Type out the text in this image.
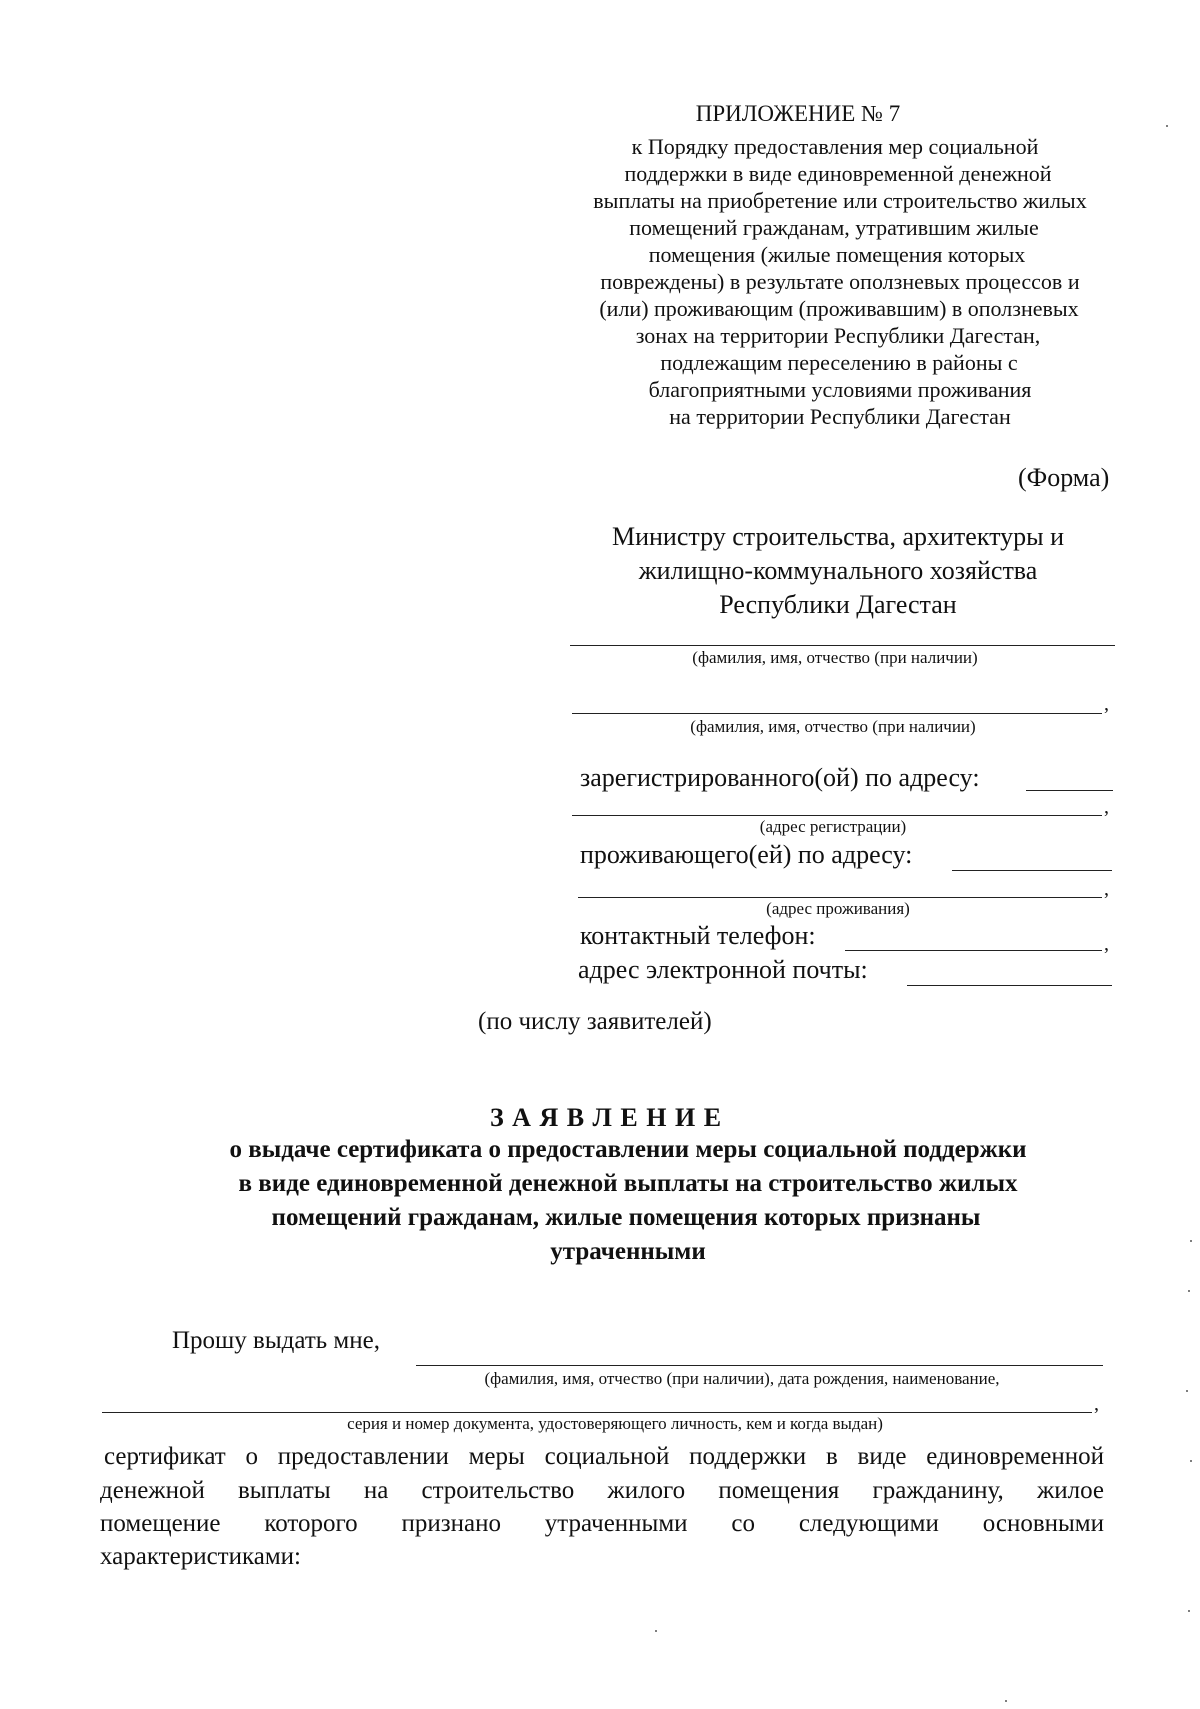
ПРИЛОЖЕНИЕ № 7
к Порядку предоставления мер социальной
поддержки в виде единовременной денежной
выплаты на приобретение или строительство жилых
помещений гражданам, утратившим жилые
помещения (жилые помещения которых
повреждены) в результате оползневых процессов и
(или) проживающим (проживавшим) в оползневых
зонах на территории Республики Дагестан,
подлежащим переселению в районы с
благоприятными условиями проживания
на территории Республики Дагестан
(Форма)
Министру строительства, архитектуры и
жилищно-коммунального хозяйства
Республики Дагестан
(фамилия, имя, отчество (при наличии)
,
(фамилия, имя, отчество (при наличии)
зарегистрированного(ой) по адресу:
,
(адрес регистрации)
проживающего(ей) по адресу:
,
(адрес проживания)
контактный телефон:	,
адрес электронной почты:
(по числу заявителей)
З А Я В Л Е Н И Е
о выдаче сертификата о предоставлении меры социальной поддержки
в виде единовременной денежной выплаты на строительство жилых
помещений гражданам, жилые помещения которых признаны
утраченными
Прошу выдать мне,
(фамилия, имя, отчество (при наличии), дата рождения, наименование,
,
серия и номер документа, удостоверяющего личность, кем и когда выдан)
сертификат о предоставлении меры социальной поддержки в виде единовременной
денежной выплаты на строительство жилого помещения гражданину, жилое
помещение которого признано утраченными со следующими основными
характеристиками:
